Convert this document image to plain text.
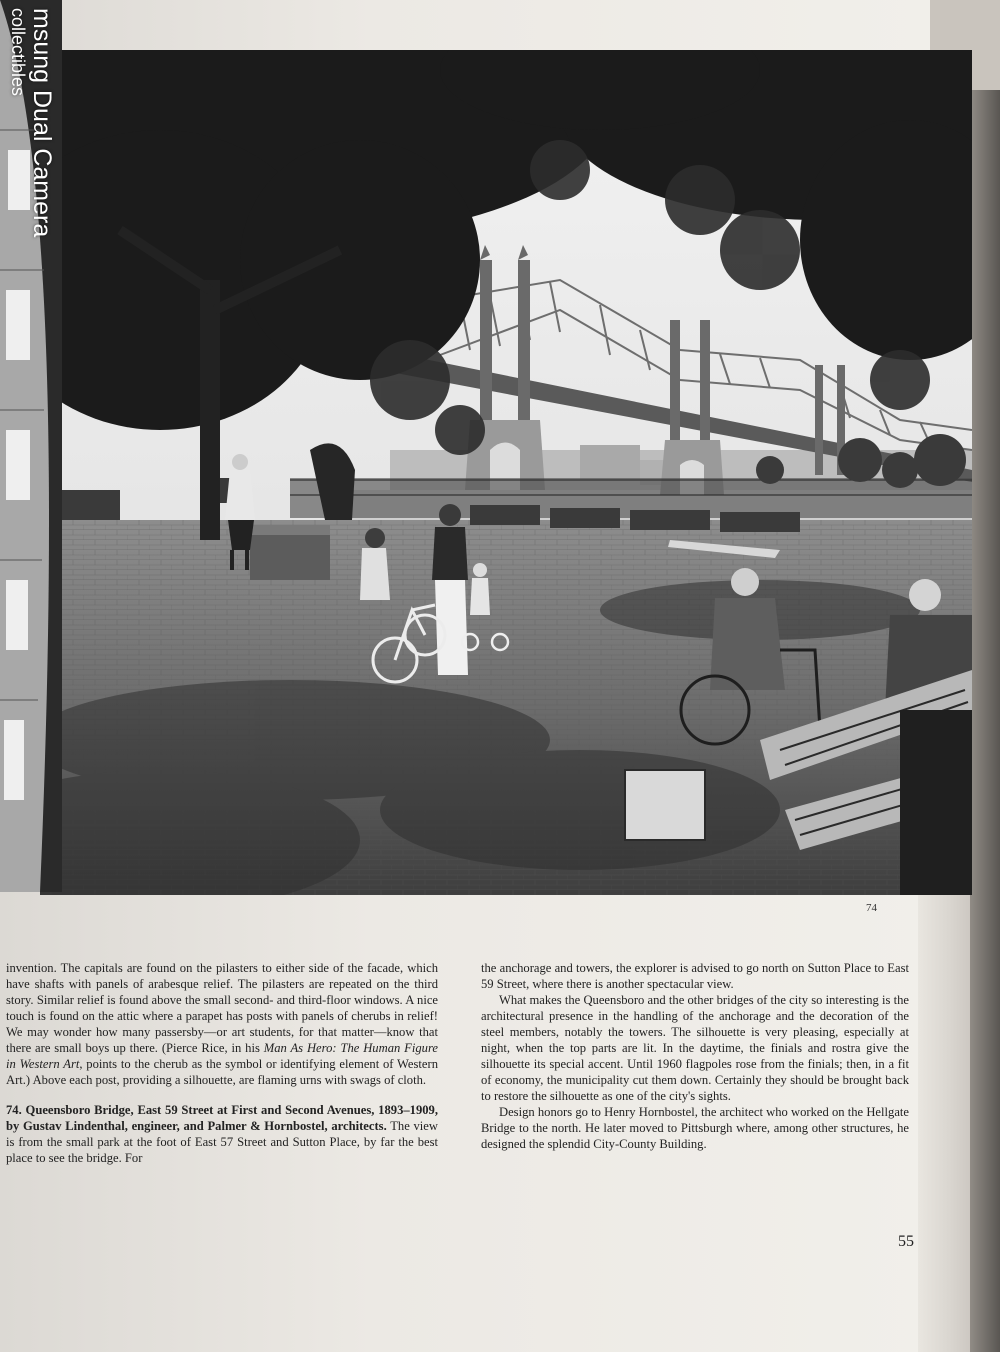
msung Dual Camera
collectibles
74

invention. The capitals are found on the pilasters to either side of the facade, which have shafts with panels of arabesque relief. The pilasters are repeated on the third story. Similar relief is found above the small second- and third-floor windows. A nice touch is found on the attic where a parapet has posts with panels of cherubs in relief! We may wonder how many passersby—or art students, for that matter—know that there are small boys up there. (Pierce Rice, in his Man As Hero: The Human Figure in Western Art, points to the cherub as the symbol or identifying element of Western Art.) Above each post, providing a silhouette, are flaming urns with swags of cloth.

74. Queensboro Bridge, East 59 Street at First and Second Avenues, 1893–1909, by Gustav Lindenthal, engineer, and Palmer & Hornbostel, architects. The view is from the small park at the foot of East 57 Street and Sutton Place, by far the best place to see the bridge. For

the anchorage and towers, the explorer is advised to go north on Sutton Place to East 59 Street, where there is another spectacular view.

What makes the Queensboro and the other bridges of the city so interesting is the architectural presence in the handling of the anchorage and the decoration of the steel members, notably the towers. The silhouette is very pleasing, especially at night, when the top parts are lit. In the daytime, the finials and rostra give the silhouette its special accent. Until 1960 flagpoles rose from the finials; then, in a fit of economy, the municipality cut them down. Certainly they should be brought back to restore the silhouette as one of the city's sights.

Design honors go to Henry Hornbostel, the architect who worked on the Hellgate Bridge to the north. He later moved to Pittsburgh where, among other structures, he designed the splendid City-County Building.

55
